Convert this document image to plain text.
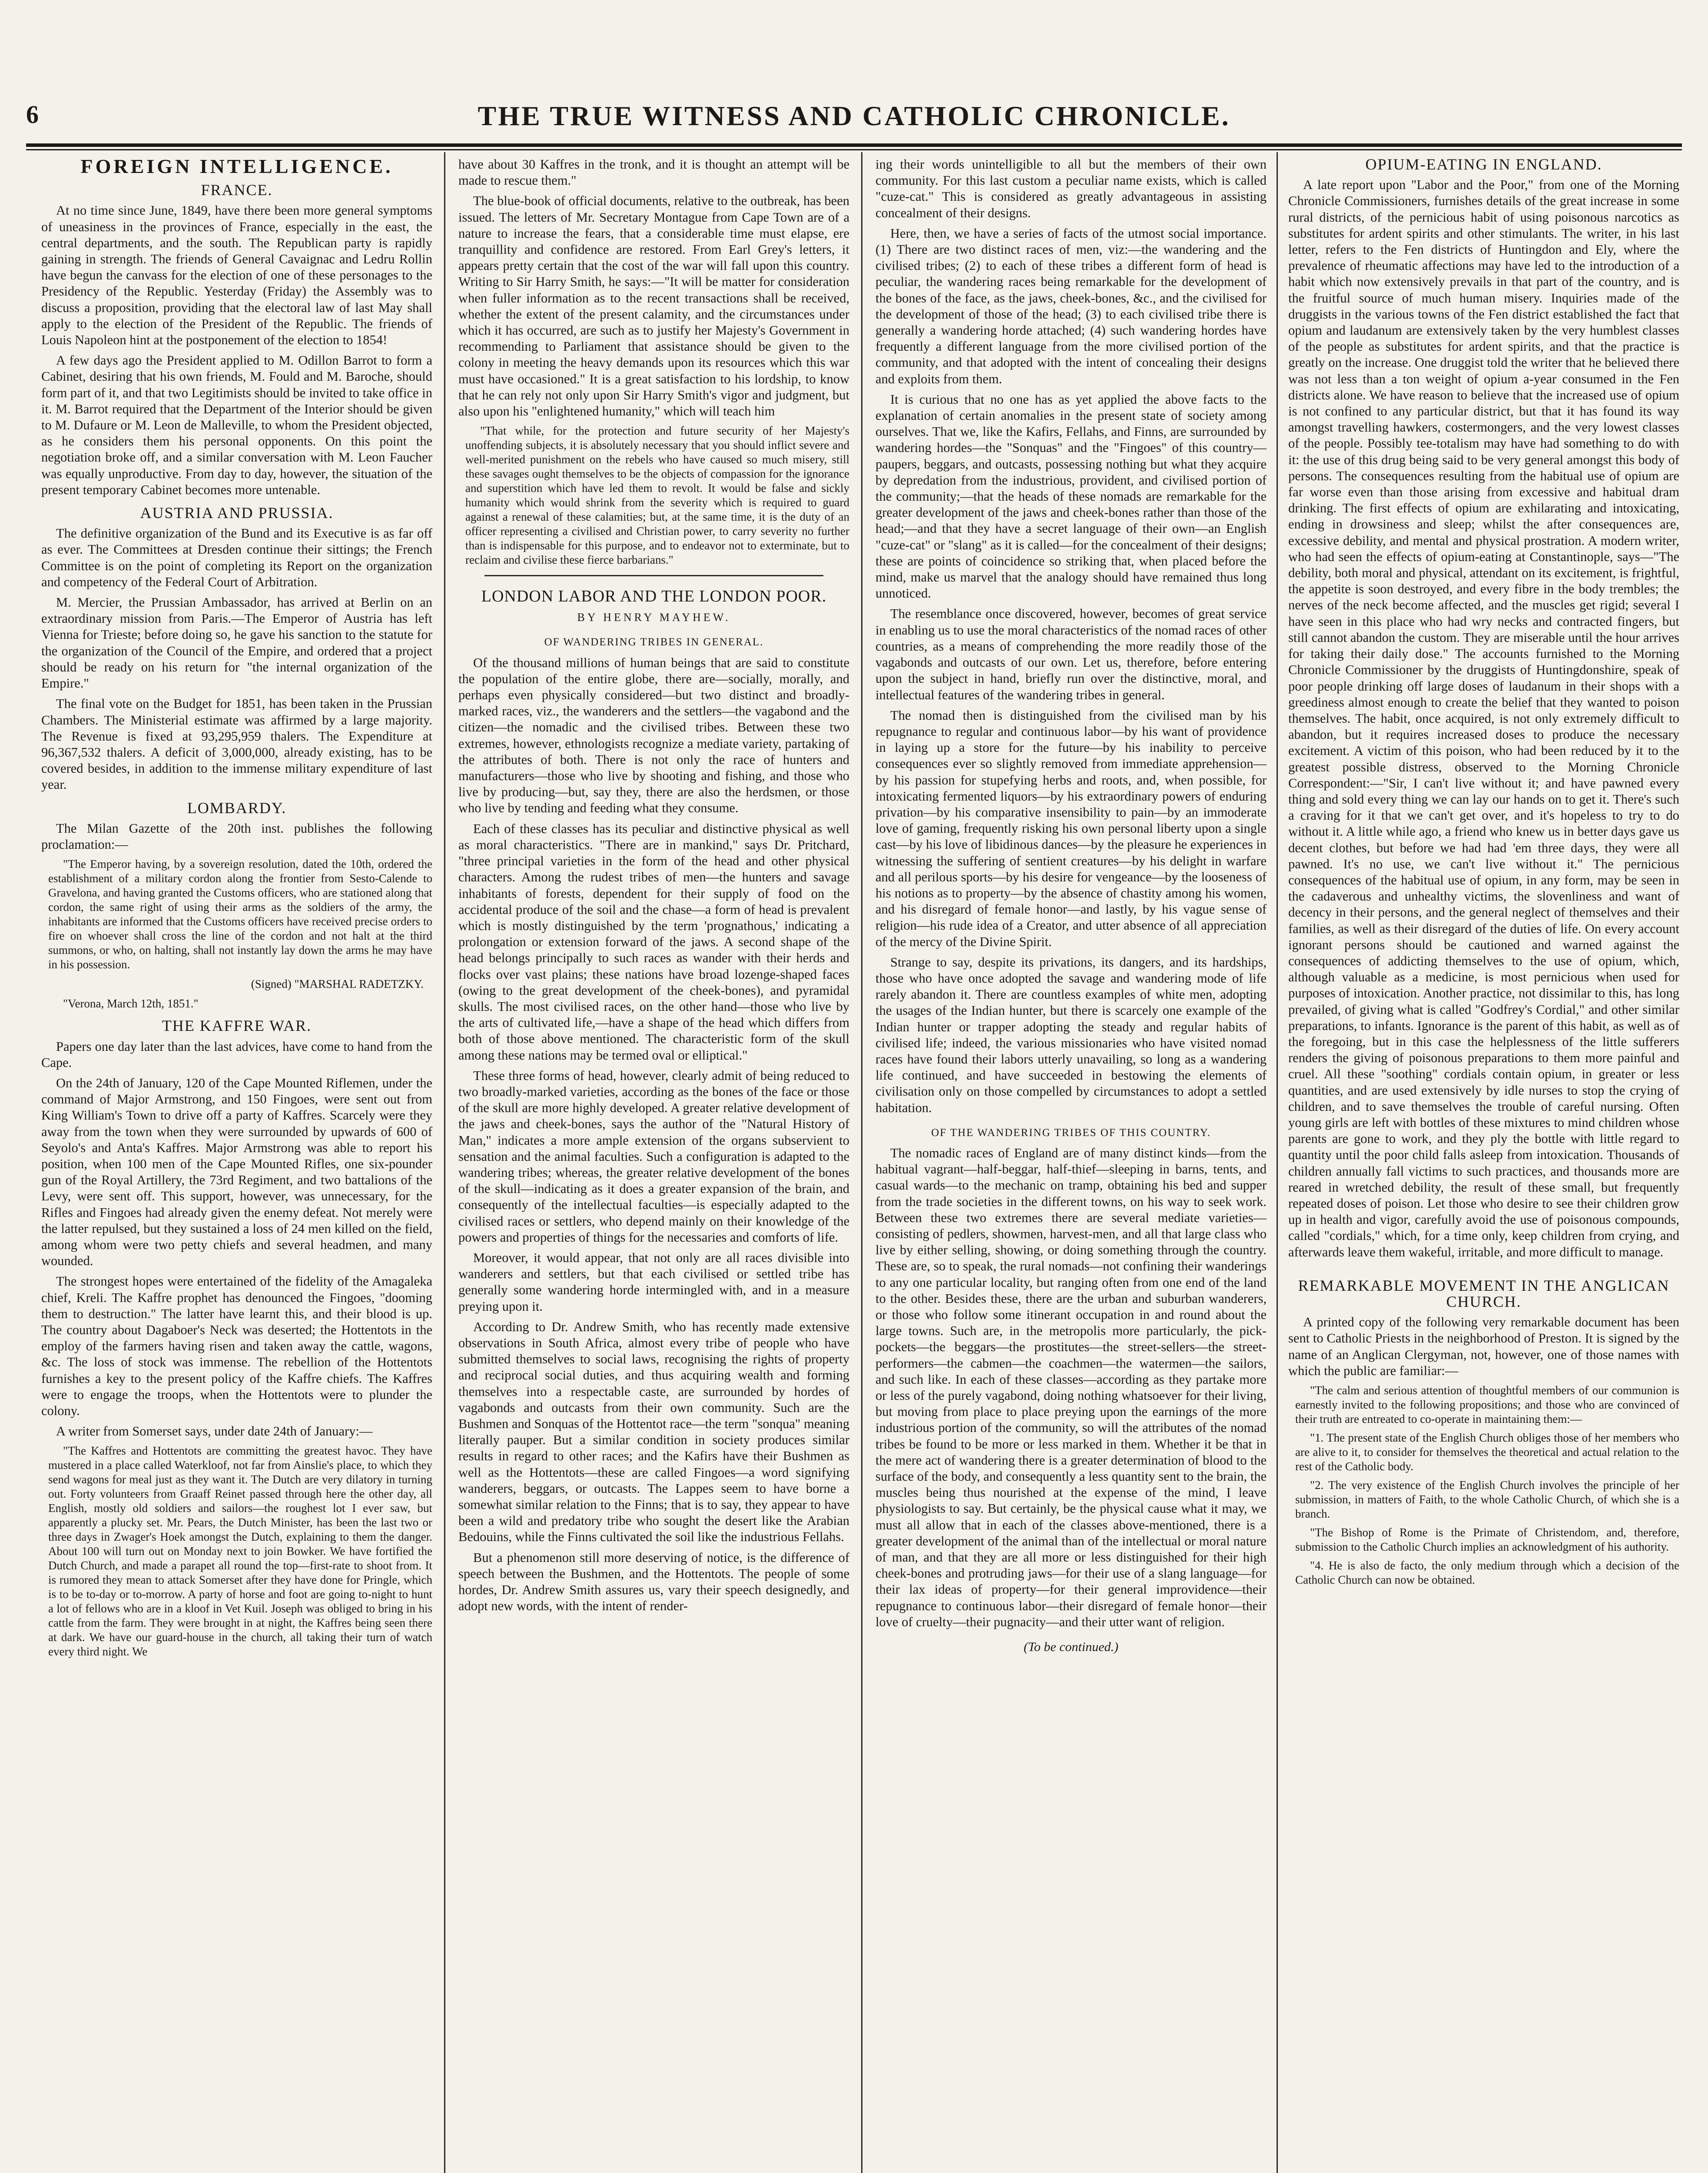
6	THE TRUE WITNESS AND CATHOLIC CHRONICLE.
FOREIGN INTELLIGENCE.
FRANCE.

At no time since June, 1849, have there been more general symptoms of uneasiness in the provinces of France, especially in the east, the central departments, and the south. The Republican party is rapidly gaining in strength. The friends of General Cavaignac and Ledru Rollin have begun the canvass for the election of one of these personages to the Presidency of the Republic. Yesterday (Friday) the Assembly was to discuss a proposition, providing that the electoral law of last May shall apply to the election of the President of the Republic. The friends of Louis Napoleon hint at the postponement of the election to 1854!

A few days ago the President applied to M. Odillon Barrot to form a Cabinet, desiring that his own friends, M. Fould and M. Baroche, should form part of it, and that two Legitimists should be invited to take office in it. M. Barrot required that the Department of the Interior should be given to M. Dufaure or M. Leon de Malleville, to whom the President objected, as he considers them his personal opponents. On this point the negotiation broke off, and a similar conversation with M. Leon Faucher was equally unproductive. From day to day, however, the situation of the present temporary Cabinet becomes more untenable.

AUSTRIA AND PRUSSIA.

The definitive organization of the Bund and its Executive is as far off as ever. The Committees at Dresden continue their sittings; the French Committee is on the point of completing its Report on the organization and competency of the Federal Court of Arbitration.

M. Mercier, the Prussian Ambassador, has arrived at Berlin on an extraordinary mission from Paris.—The Emperor of Austria has left Vienna for Trieste; before doing so, he gave his sanction to the statute for the organization of the Council of the Empire, and ordered that a project should be ready on his return for "the internal organization of the Empire."

The final vote on the Budget for 1851, has been taken in the Prussian Chambers. The Ministerial estimate was affirmed by a large majority. The Revenue is fixed at 93,295,959 thalers. The Expenditure at 96,367,532 thalers. A deficit of 3,000,000, already existing, has to be covered besides, in addition to the immense military expenditure of last year.

LOMBARDY.

The Milan Gazette of the 20th inst. publishes the following proclamation:—

"The Emperor having, by a sovereign resolution, dated the 10th, ordered the establishment of a military cordon along the frontier from Sesto-Calende to Gravelona, and having granted the Customs officers, who are stationed along that cordon, the same right of using their arms as the soldiers of the army, the inhabitants are informed that the Customs officers have received precise orders to fire on whoever shall cross the line of the cordon and not halt at the third summons, or who, on halting, shall not instantly lay down the arms he may have in his possession.

(Signed) "MARSHAL RADETZKY.

"Verona, March 12th, 1851."

THE KAFFRE WAR.

Papers one day later than the last advices, have come to hand from the Cape.

On the 24th of January, 120 of the Cape Mounted Riflemen, under the command of Major Armstrong, and 150 Fingoes, were sent out from King William's Town to drive off a party of Kaffres. Scarcely were they away from the town when they were surrounded by upwards of 600 of Seyolo's and Anta's Kaffres. Major Armstrong was able to report his position, when 100 men of the Cape Mounted Rifles, one six-pounder gun of the Royal Artillery, the 73rd Regiment, and two battalions of the Levy, were sent off. This support, however, was unnecessary, for the Rifles and Fingoes had already given the enemy defeat. Not merely were the latter repulsed, but they sustained a loss of 24 men killed on the field, among whom were two petty chiefs and several headmen, and many wounded.

The strongest hopes were entertained of the fidelity of the Amagaleka chief, Kreli. The Kaffre prophet has denounced the Fingoes, "dooming them to destruction." The latter have learnt this, and their blood is up. The country about Dagaboer's Neck was deserted; the Hottentots in the employ of the farmers having risen and taken away the cattle, wagons, &c. The loss of stock was immense. The rebellion of the Hottentots furnishes a key to the present policy of the Kaffre chiefs. The Kaffres were to engage the troops, when the Hottentots were to plunder the colony.

A writer from Somerset says, under date 24th of January:—

"The Kaffres and Hottentots are committing the greatest havoc. They have mustered in a place called Waterkloof, not far from Ainslie's place, to which they send wagons for meal just as they want it. The Dutch are very dilatory in turning out. Forty volunteers from Graaff Reinet passed through here the other day, all English, mostly old soldiers and sailors—the roughest lot I ever saw, but apparently a plucky set. Mr. Pears, the Dutch Minister, has been the last two or three days in Zwager's Hoek amongst the Dutch, explaining to them the danger. About 100 will turn out on Monday next to join Bowker. We have fortified the Dutch Church, and made a parapet all round the top—first-rate to shoot from. It is rumored they mean to attack Somerset after they have done for Pringle, which is to be to-day or to-morrow. A party of horse and foot are going to-night to hunt a lot of fellows who are in a kloof in Vet Kuil. Joseph was obliged to bring in his cattle from the farm. They were brought in at night, the Kaffres being seen there at dark. We have our guard-house in the church, all taking their turn of watch every third night. We

have about 30 Kaffres in the tronk, and it is thought an attempt will be made to rescue them."

The blue-book of official documents, relative to the outbreak, has been issued. The letters of Mr. Secretary Montague from Cape Town are of a nature to increase the fears, that a considerable time must elapse, ere tranquillity and confidence are restored. From Earl Grey's letters, it appears pretty certain that the cost of the war will fall upon this country. Writing to Sir Harry Smith, he says:—"It will be matter for consideration when fuller information as to the recent transactions shall be received, whether the extent of the present calamity, and the circumstances under which it has occurred, are such as to justify her Majesty's Government in recommending to Parliament that assistance should be given to the colony in meeting the heavy demands upon its resources which this war must have occasioned." It is a great satisfaction to his lordship, to know that he can rely not only upon Sir Harry Smith's vigor and judgment, but also upon his "enlightened humanity," which will teach him

"That while, for the protection and future security of her Majesty's unoffending subjects, it is absolutely necessary that you should inflict severe and well-merited punishment on the rebels who have caused so much misery, still these savages ought themselves to be the objects of compassion for the ignorance and superstition which have led them to revolt. It would be false and sickly humanity which would shrink from the severity which is required to guard against a renewal of these calamities; but, at the same time, it is the duty of an officer representing a civilised and Christian power, to carry severity no further than is indispensable for this purpose, and to endeavor not to exterminate, but to reclaim and civilise these fierce barbarians."

LONDON LABOR AND THE LONDON POOR.
BY HENRY MAYHEW.
OF WANDERING TRIBES IN GENERAL.

Of the thousand millions of human beings that are said to constitute the population of the entire globe, there are—socially, morally, and perhaps even physically considered—but two distinct and broadly-marked races, viz., the wanderers and the settlers—the vagabond and the citizen—the nomadic and the civilised tribes. Between these two extremes, however, ethnologists recognize a mediate variety, partaking of the attributes of both. There is not only the race of hunters and manufacturers—those who live by shooting and fishing, and those who live by producing—but, say they, there are also the herdsmen, or those who live by tending and feeding what they consume.

Each of these classes has its peculiar and distinctive physical as well as moral characteristics. "There are in mankind," says Dr. Pritchard, "three principal varieties in the form of the head and other physical characters. Among the rudest tribes of men—the hunters and savage inhabitants of forests, dependent for their supply of food on the accidental produce of the soil and the chase—a form of head is prevalent which is mostly distinguished by the term 'prognathous,' indicating a prolongation or extension forward of the jaws. A second shape of the head belongs principally to such races as wander with their herds and flocks over vast plains; these nations have broad lozenge-shaped faces (owing to the great development of the cheek-bones), and pyramidal skulls. The most civilised races, on the other hand—those who live by the arts of cultivated life,—have a shape of the head which differs from both of those above mentioned. The characteristic form of the skull among these nations may be termed oval or elliptical."

These three forms of head, however, clearly admit of being reduced to two broadly-marked varieties, according as the bones of the face or those of the skull are more highly developed. A greater relative development of the jaws and cheek-bones, says the author of the "Natural History of Man," indicates a more ample extension of the organs subservient to sensation and the animal faculties. Such a configuration is adapted to the wandering tribes; whereas, the greater relative development of the bones of the skull—indicating as it does a greater expansion of the brain, and consequently of the intellectual faculties—is especially adapted to the civilised races or settlers, who depend mainly on their knowledge of the powers and properties of things for the necessaries and comforts of life.

Moreover, it would appear, that not only are all races divisible into wanderers and settlers, but that each civilised or settled tribe has generally some wandering horde intermingled with, and in a measure preying upon it.

According to Dr. Andrew Smith, who has recently made extensive observations in South Africa, almost every tribe of people who have submitted themselves to social laws, recognising the rights of property and reciprocal social duties, and thus acquiring wealth and forming themselves into a respectable caste, are surrounded by hordes of vagabonds and outcasts from their own community. Such are the Bushmen and Sonquas of the Hottentot race—the term "sonqua" meaning literally pauper. But a similar condition in society produces similar results in regard to other races; and the Kafirs have their Bushmen as well as the Hottentots—these are called Fingoes—a word signifying wanderers, beggars, or outcasts. The Lappes seem to have borne a somewhat similar relation to the Finns; that is to say, they appear to have been a wild and predatory tribe who sought the desert like the Arabian Bedouins, while the Finns cultivated the soil like the industrious Fellahs.

But a phenomenon still more deserving of notice, is the difference of speech between the Bushmen, and the Hottentots. The people of some hordes, Dr. Andrew Smith assures us, vary their speech designedly, and adopt new words, with the intent of render-

ing their words unintelligible to all but the members of their own community. For this last custom a peculiar name exists, which is called "cuze-cat." This is considered as greatly advantageous in assisting concealment of their designs.

Here, then, we have a series of facts of the utmost social importance. (1) There are two distinct races of men, viz:—the wandering and the civilised tribes; (2) to each of these tribes a different form of head is peculiar, the wandering races being remarkable for the development of the bones of the face, as the jaws, cheek-bones, &c., and the civilised for the development of those of the head; (3) to each civilised tribe there is generally a wandering horde attached; (4) such wandering hordes have frequently a different language from the more civilised portion of the community, and that adopted with the intent of concealing their designs and exploits from them.

It is curious that no one has as yet applied the above facts to the explanation of certain anomalies in the present state of society among ourselves. That we, like the Kafirs, Fellahs, and Finns, are surrounded by wandering hordes—the "Sonquas" and the "Fingoes" of this country—paupers, beggars, and outcasts, possessing nothing but what they acquire by depredation from the industrious, provident, and civilised portion of the community;—that the heads of these nomads are remarkable for the greater development of the jaws and cheek-bones rather than those of the head;—and that they have a secret language of their own—an English "cuze-cat" or "slang" as it is called—for the concealment of their designs; these are points of coincidence so striking that, when placed before the mind, make us marvel that the analogy should have remained thus long unnoticed.

The resemblance once discovered, however, becomes of great service in enabling us to use the moral characteristics of the nomad races of other countries, as a means of comprehending the more readily those of the vagabonds and outcasts of our own. Let us, therefore, before entering upon the subject in hand, briefly run over the distinctive, moral, and intellectual features of the wandering tribes in general.

The nomad then is distinguished from the civilised man by his repugnance to regular and continuous labor—by his want of providence in laying up a store for the future—by his inability to perceive consequences ever so slightly removed from immediate apprehension—by his passion for stupefying herbs and roots, and, when possible, for intoxicating fermented liquors—by his extraordinary powers of enduring privation—by his comparative insensibility to pain—by an immoderate love of gaming, frequently risking his own personal liberty upon a single cast—by his love of libidinous dances—by the pleasure he experiences in witnessing the suffering of sentient creatures—by his delight in warfare and all perilous sports—by his desire for vengeance—by the looseness of his notions as to property—by the absence of chastity among his women, and his disregard of female honor—and lastly, by his vague sense of religion—his rude idea of a Creator, and utter absence of all appreciation of the mercy of the Divine Spirit.

Strange to say, despite its privations, its dangers, and its hardships, those who have once adopted the savage and wandering mode of life rarely abandon it. There are countless examples of white men, adopting the usages of the Indian hunter, but there is scarcely one example of the Indian hunter or trapper adopting the steady and regular habits of civilised life; indeed, the various missionaries who have visited nomad races have found their labors utterly unavailing, so long as a wandering life continued, and have succeeded in bestowing the elements of civilisation only on those compelled by circumstances to adopt a settled habitation.

OF THE WANDERING TRIBES OF THIS COUNTRY.

The nomadic races of England are of many distinct kinds—from the habitual vagrant—half-beggar, half-thief—sleeping in barns, tents, and casual wards—to the mechanic on tramp, obtaining his bed and supper from the trade societies in the different towns, on his way to seek work. Between these two extremes there are several mediate varieties—consisting of pedlers, showmen, harvest-men, and all that large class who live by either selling, showing, or doing something through the country. These are, so to speak, the rural nomads—not confining their wanderings to any one particular locality, but ranging often from one end of the land to the other. Besides these, there are the urban and suburban wanderers, or those who follow some itinerant occupation in and round about the large towns. Such are, in the metropolis more particularly, the pick-pockets—the beggars—the prostitutes—the street-sellers—the street-performers—the cabmen—the coachmen—the watermen—the sailors, and such like. In each of these classes—according as they partake more or less of the purely vagabond, doing nothing whatsoever for their living, but moving from place to place preying upon the earnings of the more industrious portion of the community, so will the attributes of the nomad tribes be found to be more or less marked in them. Whether it be that in the mere act of wandering there is a greater determination of blood to the surface of the body, and consequently a less quantity sent to the brain, the muscles being thus nourished at the expense of the mind, I leave physiologists to say. But certainly, be the physical cause what it may, we must all allow that in each of the classes above-mentioned, there is a greater development of the animal than of the intellectual or moral nature of man, and that they are all more or less distinguished for their high cheek-bones and protruding jaws—for their use of a slang language—for their lax ideas of property—for their general improvidence—their repugnance to continuous labor—their disregard of female honor—their love of cruelty—their pugnacity—and their utter want of religion.

(To be continued.)
OPIUM-EATING IN ENGLAND.

A late report upon "Labor and the Poor," from one of the Morning Chronicle Commissioners, furnishes details of the great increase in some rural districts, of the pernicious habit of using poisonous narcotics as substitutes for ardent spirits and other stimulants. The writer, in his last letter, refers to the Fen districts of Huntingdon and Ely, where the prevalence of rheumatic affections may have led to the introduction of a habit which now extensively prevails in that part of the country, and is the fruitful source of much human misery. Inquiries made of the druggists in the various towns of the Fen district established the fact that opium and laudanum are extensively taken by the very humblest classes of the people as substitutes for ardent spirits, and that the practice is greatly on the increase. One druggist told the writer that he believed there was not less than a ton weight of opium a-year consumed in the Fen districts alone. We have reason to believe that the increased use of opium is not confined to any particular district, but that it has found its way amongst travelling hawkers, costermongers, and the very lowest classes of the people. Possibly tee-totalism may have had something to do with it: the use of this drug being said to be very general amongst this body of persons. The consequences resulting from the habitual use of opium are far worse even than those arising from excessive and habitual dram drinking. The first effects of opium are exhilarating and intoxicating, ending in drowsiness and sleep; whilst the after consequences are, excessive debility, and mental and physical prostration. A modern writer, who had seen the effects of opium-eating at Constantinople, says—"The debility, both moral and physical, attendant on its excitement, is frightful, the appetite is soon destroyed, and every fibre in the body trembles; the nerves of the neck become affected, and the muscles get rigid; several I have seen in this place who had wry necks and contracted fingers, but still cannot abandon the custom. They are miserable until the hour arrives for taking their daily dose." The accounts furnished to the Morning Chronicle Commissioner by the druggists of Huntingdonshire, speak of poor people drinking off large doses of laudanum in their shops with a greediness almost enough to create the belief that they wanted to poison themselves. The habit, once acquired, is not only extremely difficult to abandon, but it requires increased doses to produce the necessary excitement. A victim of this poison, who had been reduced by it to the greatest possible distress, observed to the Morning Chronicle Correspondent:—"Sir, I can't live without it; and have pawned every thing and sold every thing we can lay our hands on to get it. There's such a craving for it that we can't get over, and it's hopeless to try to do without it. A little while ago, a friend who knew us in better days gave us decent clothes, but before we had had 'em three days, they were all pawned. It's no use, we can't live without it." The pernicious consequences of the habitual use of opium, in any form, may be seen in the cadaverous and unhealthy victims, the slovenliness and want of decency in their persons, and the general neglect of themselves and their families, as well as their disregard of the duties of life. On every account ignorant persons should be cautioned and warned against the consequences of addicting themselves to the use of opium, which, although valuable as a medicine, is most pernicious when used for purposes of intoxication. Another practice, not dissimilar to this, has long prevailed, of giving what is called "Godfrey's Cordial," and other similar preparations, to infants. Ignorance is the parent of this habit, as well as of the foregoing, but in this case the helplessness of the little sufferers renders the giving of poisonous preparations to them more painful and cruel. All these "soothing" cordials contain opium, in greater or less quantities, and are used extensively by idle nurses to stop the crying of children, and to save themselves the trouble of careful nursing. Often young girls are left with bottles of these mixtures to mind children whose parents are gone to work, and they ply the bottle with little regard to quantity until the poor child falls asleep from intoxication. Thousands of children annually fall victims to such practices, and thousands more are reared in wretched debility, the result of these small, but frequently repeated doses of poison. Let those who desire to see their children grow up in health and vigor, carefully avoid the use of poisonous compounds, called "cordials," which, for a time only, keep children from crying, and afterwards leave them wakeful, irritable, and more difficult to manage.

REMARKABLE MOVEMENT IN THE ANGLICAN CHURCH.

A printed copy of the following very remarkable document has been sent to Catholic Priests in the neighborhood of Preston. It is signed by the name of an Anglican Clergyman, not, however, one of those names with which the public are familiar:—

"The calm and serious attention of thoughtful members of our communion is earnestly invited to the following propositions; and those who are convinced of their truth are entreated to co-operate in maintaining them:—

"1. The present state of the English Church obliges those of her members who are alive to it, to consider for themselves the theoretical and actual relation to the rest of the Catholic body.

"2. The very existence of the English Church involves the principle of her submission, in matters of Faith, to the whole Catholic Church, of which she is a branch.

"The Bishop of Rome is the Primate of Christendom, and, therefore, submission to the Catholic Church implies an acknowledgment of his authority.

"4. He is also de facto, the only medium through which a decision of the Catholic Church can now be obtained.
